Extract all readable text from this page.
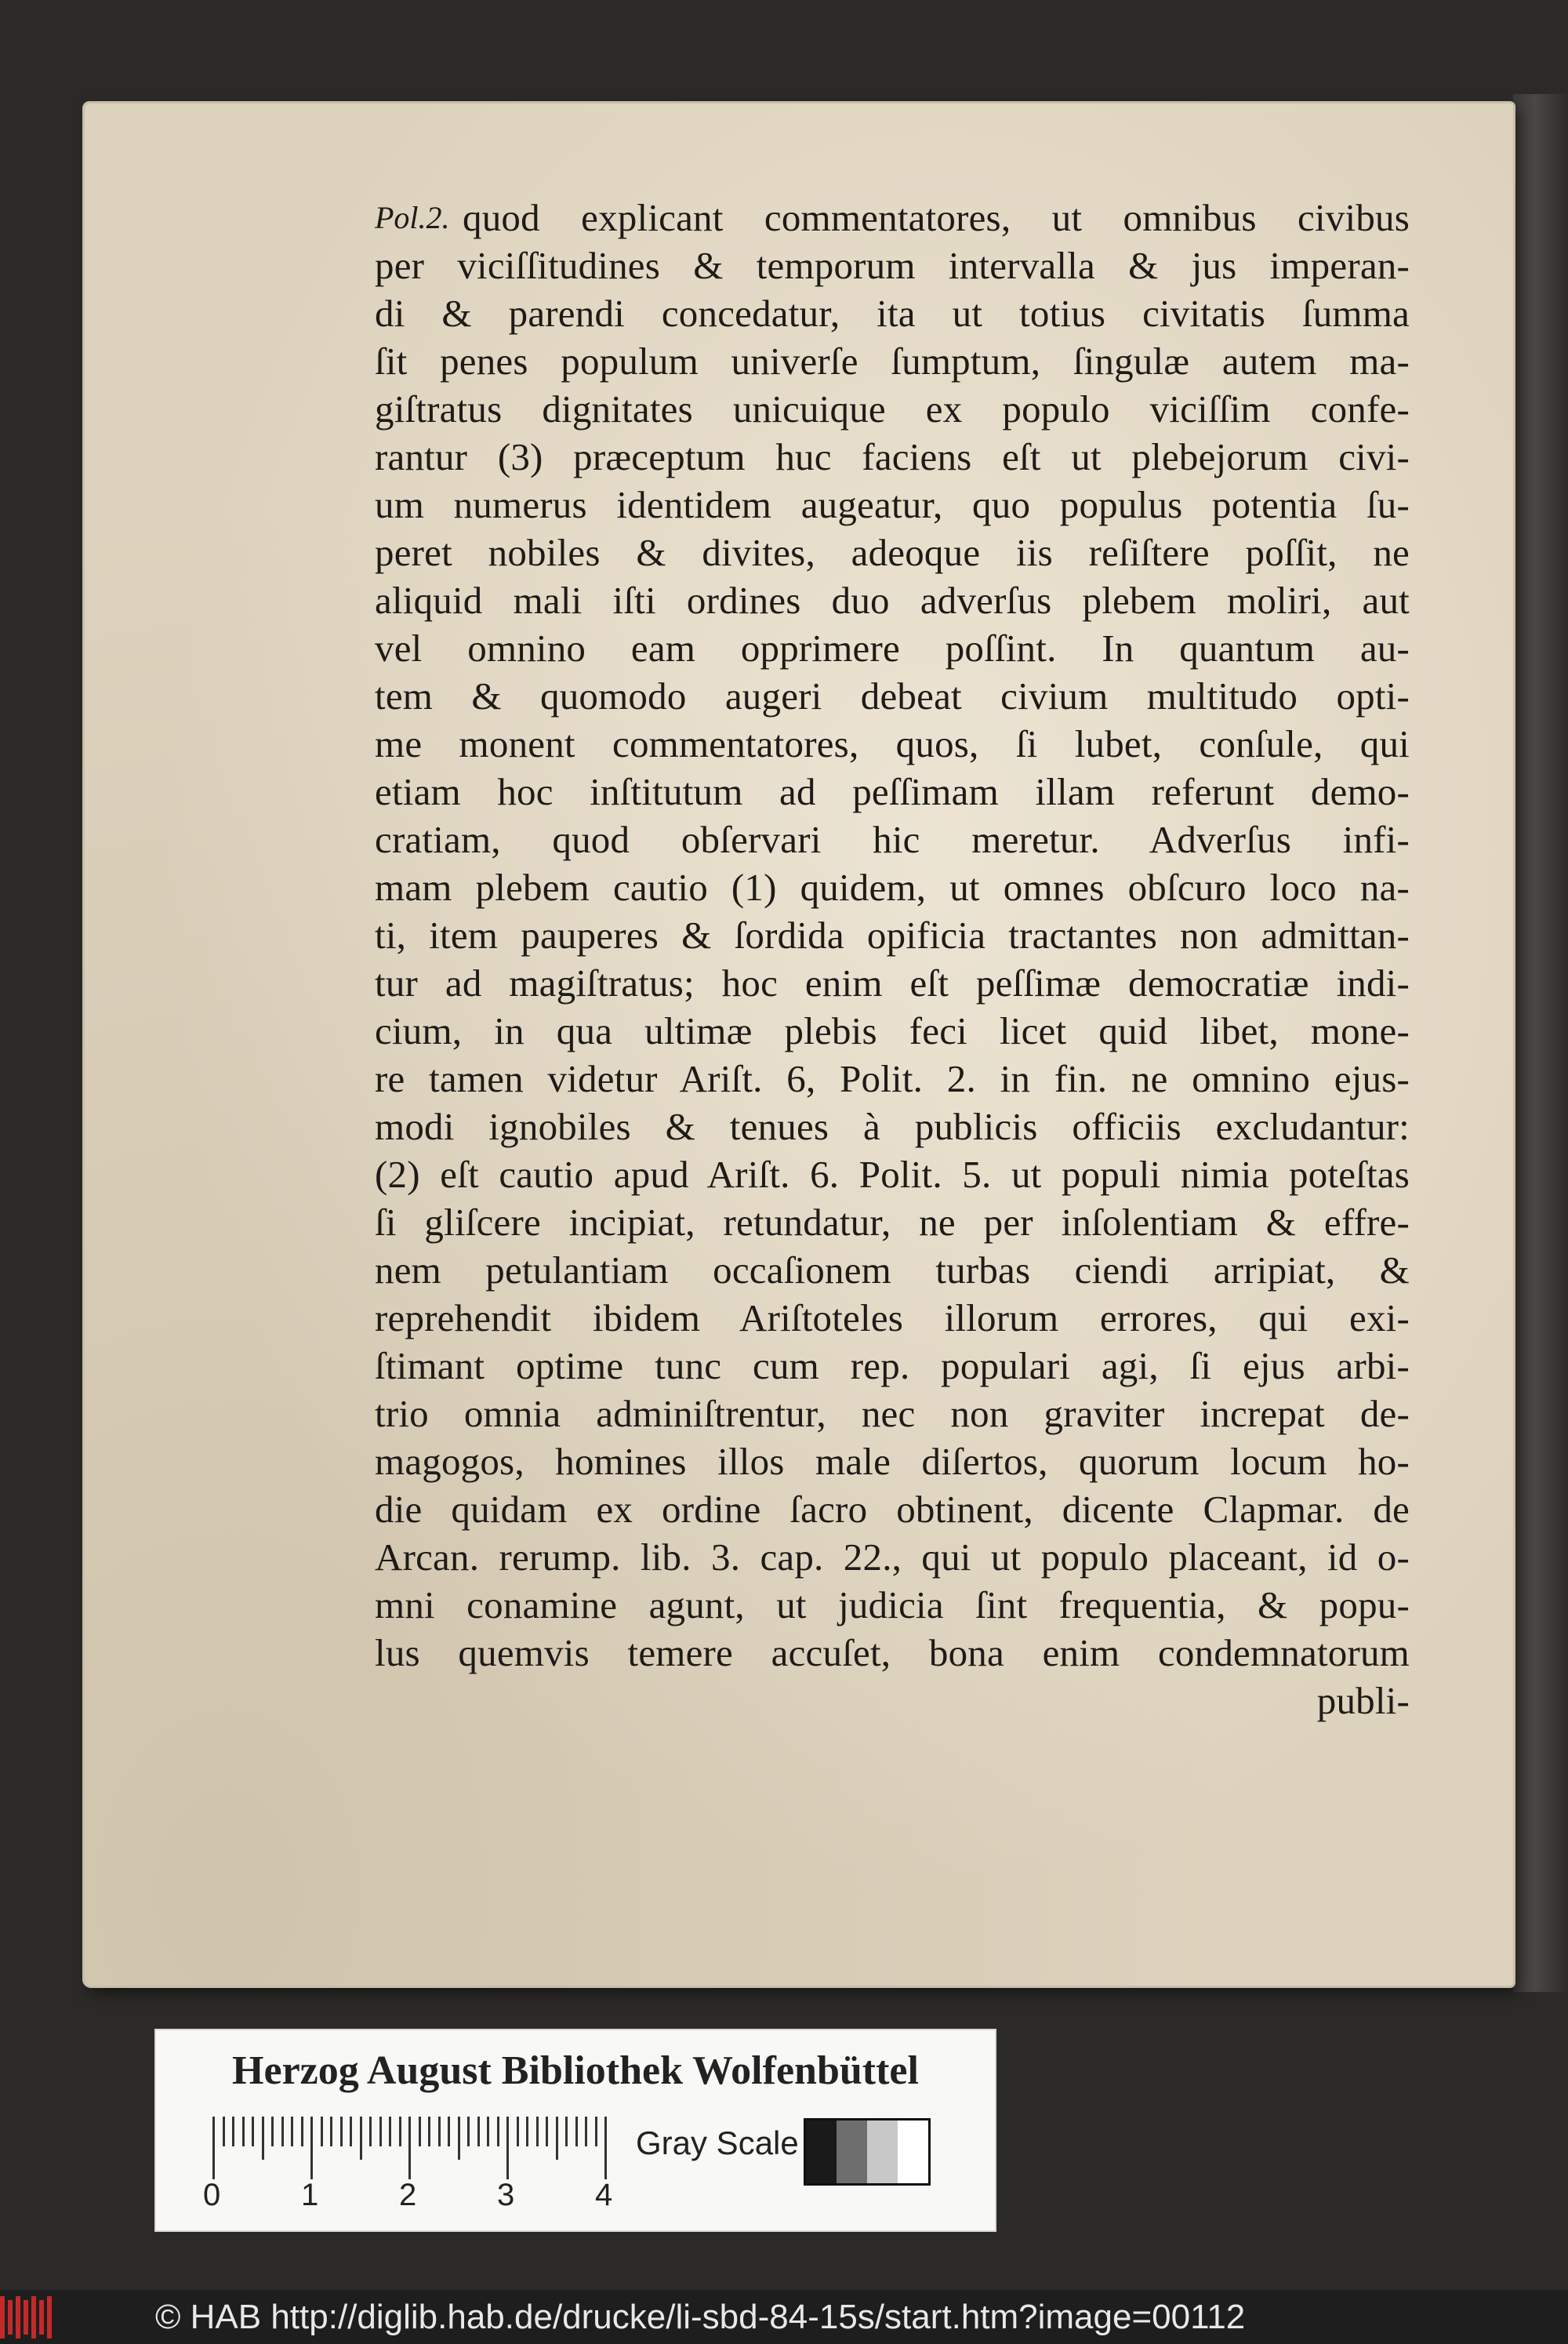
Pol.2. quod explicant commentatores, ut omnibus civibus
per viciſſitudines & temporum intervalla & jus imperan-
di & parendi concedatur, ita ut totius civitatis ſumma
ſit penes populum univerſe ſumptum, ſingulæ autem ma-
giſtratus dignitates unicuique ex populo viciſſim confe-
rantur (3) præceptum huc faciens eſt ut plebejorum civi-
um numerus identidem augeatur, quo populus potentia ſu-
peret nobiles & divites, adeoque iis reſiſtere poſſit, ne
aliquid mali iſti ordines duo adverſus plebem moliri, aut
vel omnino eam opprimere poſſint. In quantum au-
tem & quomodo augeri debeat civium multitudo opti-
me monent commentatores, quos, ſi lubet, conſule, qui
etiam hoc inſtitutum ad peſſimam illam referunt demo-
cratiam, quod obſervari hic meretur. Adverſus infi-
mam plebem cautio (1) quidem, ut omnes obſcuro loco na-
ti, item pauperes & ſordida opificia tractantes non admittan-
tur ad magiſtratus; hoc enim eſt peſſimæ democratiæ indi-
cium, in qua ultimæ plebis feci licet quid libet, mone-
re tamen videtur Ariſt. 6, Polit. 2. in fin. ne omnino ejus-
modi ignobiles & tenues à publicis officiis excludantur:
(2) eſt cautio apud Ariſt. 6. Polit. 5. ut populi nimia poteſtas
ſi gliſcere incipiat, retundatur, ne per inſolentiam & effre-
nem petulantiam occaſionem turbas ciendi arripiat, &
reprehendit ibidem Ariſtoteles illorum errores, qui exi-
ſtimant optime tunc cum rep. populari agi, ſi ejus arbi-
trio omnia adminiſtrentur, nec non graviter increpat de-
magogos, homines illos male diſertos, quorum locum ho-
die quidam ex ordine ſacro obtinent, dicente Clapmar. de
Arcan. rerump. lib. 3. cap. 22., qui ut populo placeant, id o-
mni conamine agunt, ut judicia ſint frequentia, & popu-
lus quemvis temere accuſet, bona enim condemnatorum
publi-
Herzog August Bibliothek Wolfenbüttel
0	1	2	3	4
Gray Scale
© HAB http://diglib.hab.de/drucke/li-sbd-84-15s/start.htm?image=00112
